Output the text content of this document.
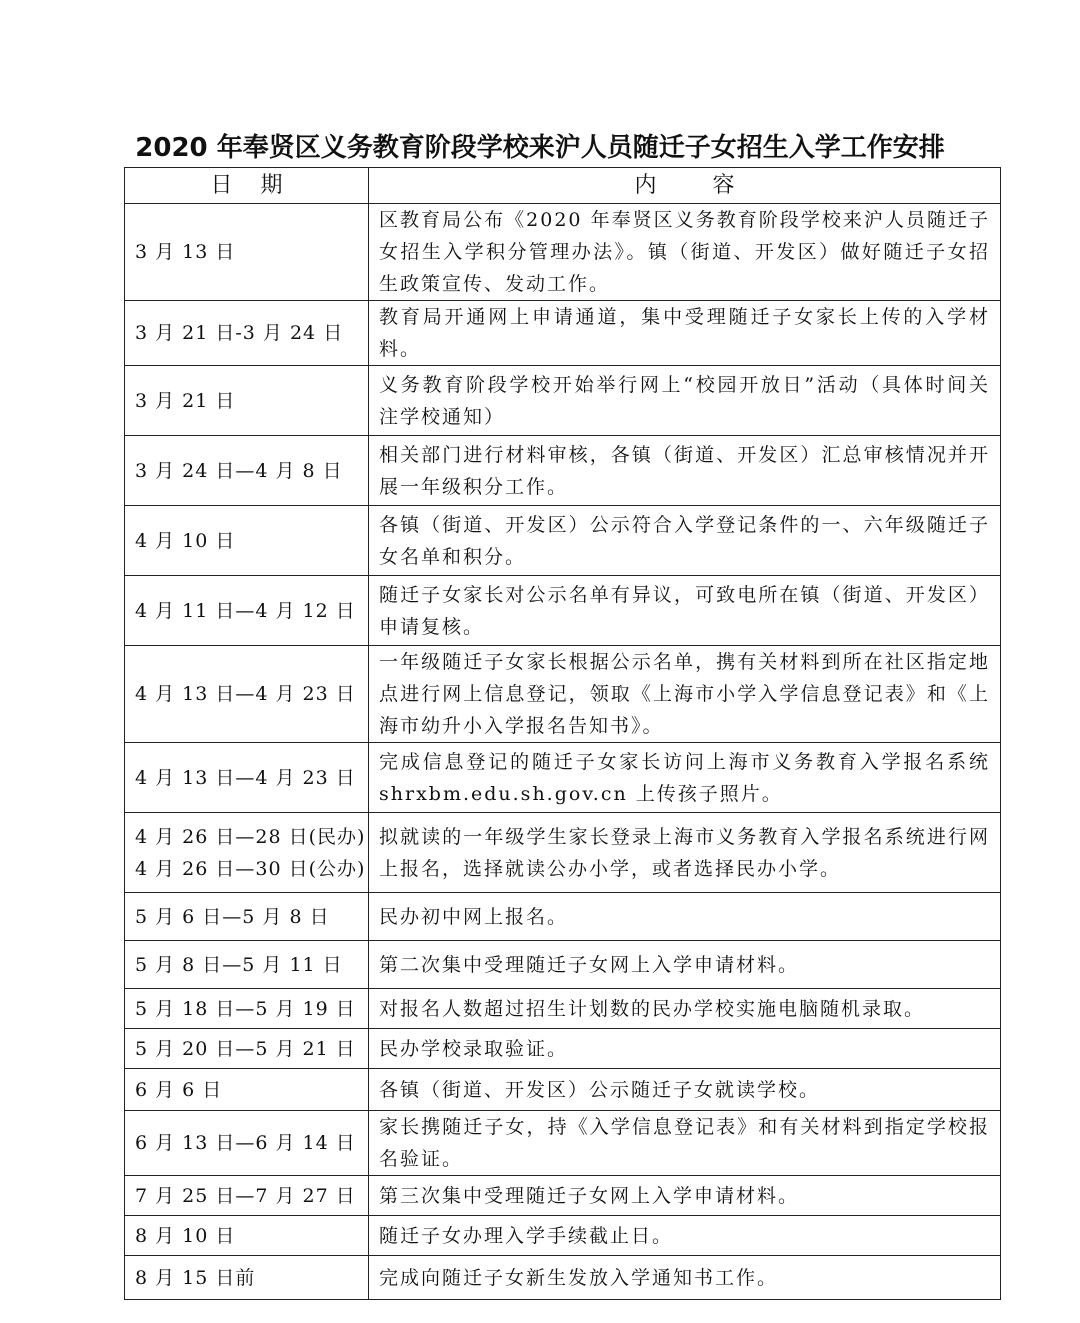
2020 年奉贤区义务教育阶段学校来沪人员随迁子女招生入学工作安排
日    期	内        容

3 月 13 日	区教育局公布《2020 年奉贤区义务教育阶段学校来沪人员随迁子女招生入学积分管理办法》。镇（街道、开发区）做好随迁子女招生政策宣传、发动工作。

3 月 21 日-3 月 24 日	教育局开通网上申请通道，集中受理随迁子女家长上传的入学材料。

3 月 21 日	义务教育阶段学校开始举行网上“校园开放日”活动（具体时间关注学校通知）

3 月 24 日—4 月 8 日	相关部门进行材料审核，各镇（街道、开发区）汇总审核情况并开展一年级积分工作。

4 月 10 日	各镇（街道、开发区）公示符合入学登记条件的一、六年级随迁子女名单和积分。

4 月 11 日—4 月 12 日	随迁子女家长对公示名单有异议，可致电所在镇（街道、开发区）申请复核。

4 月 13 日—4 月 23 日	一年级随迁子女家长根据公示名单，携有关材料到所在社区指定地点进行网上信息登记，领取《上海市小学入学信息登记表》和《上海市幼升小入学报名告知书》。

4 月 13 日—4 月 23 日	完成信息登记的随迁子女家长访问上海市义务教育入学报名系统 shrxbm.edu.sh.gov.cn 上传孩子照片。

4 月 26 日—28 日(民办)
4 月 26 日—30 日(公办)	拟就读的一年级学生家长登录上海市义务教育入学报名系统进行网上报名，选择就读公办小学，或者选择民办小学。

5 月 6 日—5 月 8 日	民办初中网上报名。

5 月 8 日—5 月 11 日	第二次集中受理随迁子女网上入学申请材料。

5 月 18 日—5 月 19 日	对报名人数超过招生计划数的民办学校实施电脑随机录取。

5 月 20 日—5 月 21 日	民办学校录取验证。

6 月 6 日	各镇（街道、开发区）公示随迁子女就读学校。

6 月 13 日—6 月 14 日	家长携随迁子女，持《入学信息登记表》和有关材料到指定学校报名验证。

7 月 25 日—7 月 27 日	第三次集中受理随迁子女网上入学申请材料。

8 月 10 日	随迁子女办理入学手续截止日。

8 月 15 日前	完成向随迁子女新生发放入学通知书工作。
